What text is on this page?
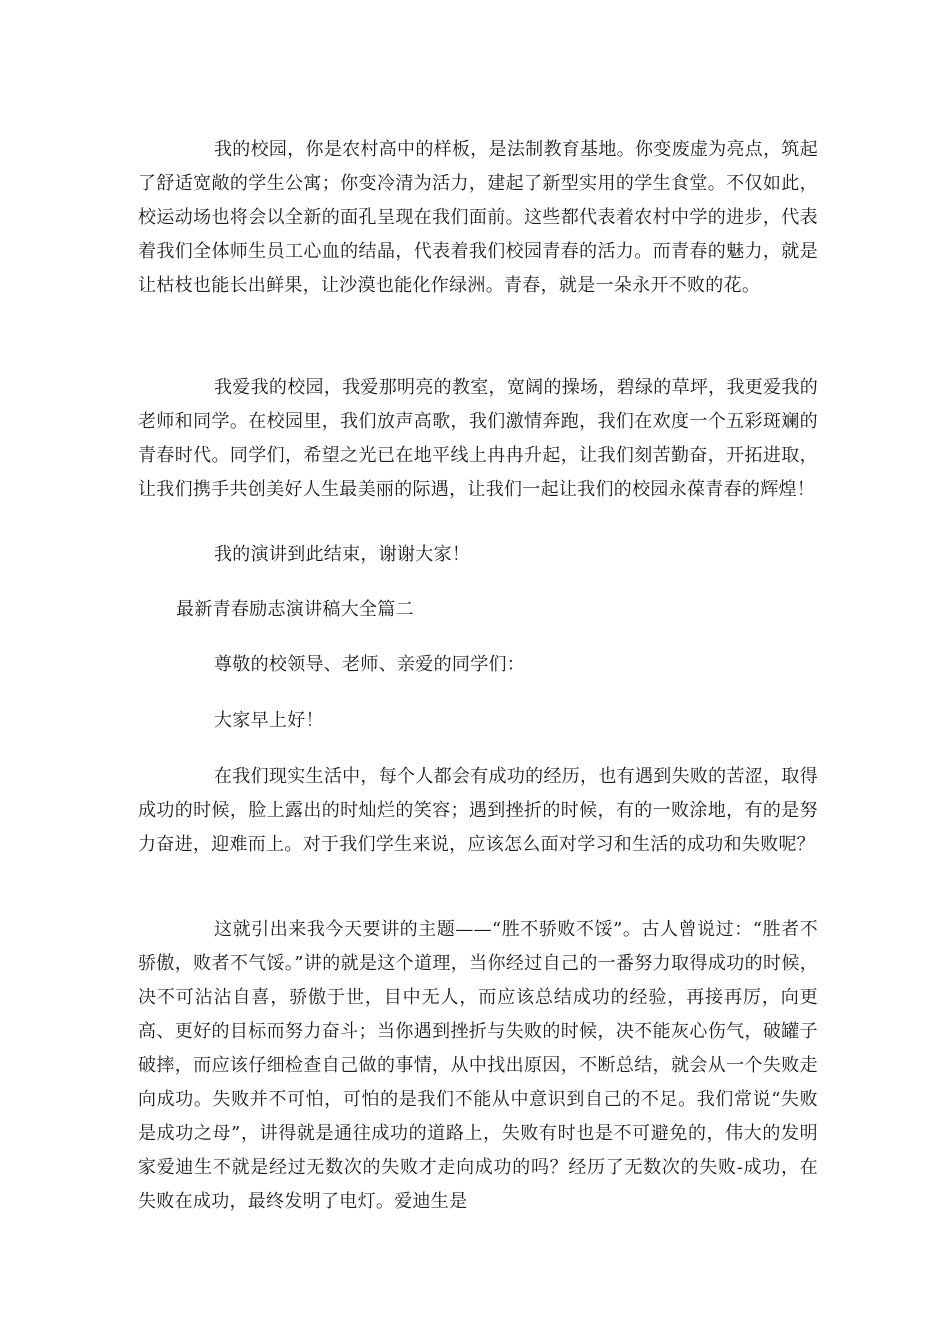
我的校园，你是农村高中的样板，是法制教育基地。你变废虚为亮点，筑起了舒适宽敞的学生公寓；你变冷清为活力，建起了新型实用的学生食堂。不仅如此，校运动场也将会以全新的面孔呈现在我们面前。这些都代表着农村中学的进步，代表着我们全体师生员工心血的结晶，代表着我们校园青春的活力。而青春的魅力，就是让枯枝也能长出鲜果，让沙漠也能化作绿洲。青春，就是一朵永开不败的花。

我爱我的校园，我爱那明亮的教室，宽阔的操场，碧绿的草坪，我更爱我的老师和同学。在校园里，我们放声高歌，我们激情奔跑，我们在欢度一个五彩斑斓的青春时代。同学们，希望之光已在地平线上冉冉升起，让我们刻苦勤奋，开拓进取，让我们携手共创美好人生最美丽的际遇，让我们一起让我们的校园永葆青春的辉煌！

我的演讲到此结束，谢谢大家！

最新青春励志演讲稿大全篇二

尊敬的校领导、老师、亲爱的同学们：

大家早上好！

在我们现实生活中，每个人都会有成功的经历，也有遇到失败的苦涩，取得成功的时候，脸上露出的时灿烂的笑容；遇到挫折的时候，有的一败涂地，有的是努力奋进，迎难而上。对于我们学生来说，应该怎么面对学习和生活的成功和失败呢？

这就引出来我今天要讲的主题——“胜不骄败不馁”。古人曾说过：“胜者不骄傲，败者不气馁。”讲的就是这个道理，当你经过自己的一番努力取得成功的时候，决不可沾沾自喜，骄傲于世，目中无人，而应该总结成功的经验，再接再厉，向更高、更好的目标而努力奋斗；当你遇到挫折与失败的时候，决不能灰心伤气，破罐子破摔，而应该仔细检查自己做的事情，从中找出原因，不断总结，就会从一个失败走向成功。失败并不可怕，可怕的是我们不能从中意识到自己的不足。我们常说“失败是成功之母”，讲得就是通往成功的道路上，失败有时也是不可避免的，伟大的发明家爱迪生不就是经过无数次的失败才走向成功的吗？经历了无数次的失败-成功，在失败在成功，最终发明了电灯。爱迪生是
